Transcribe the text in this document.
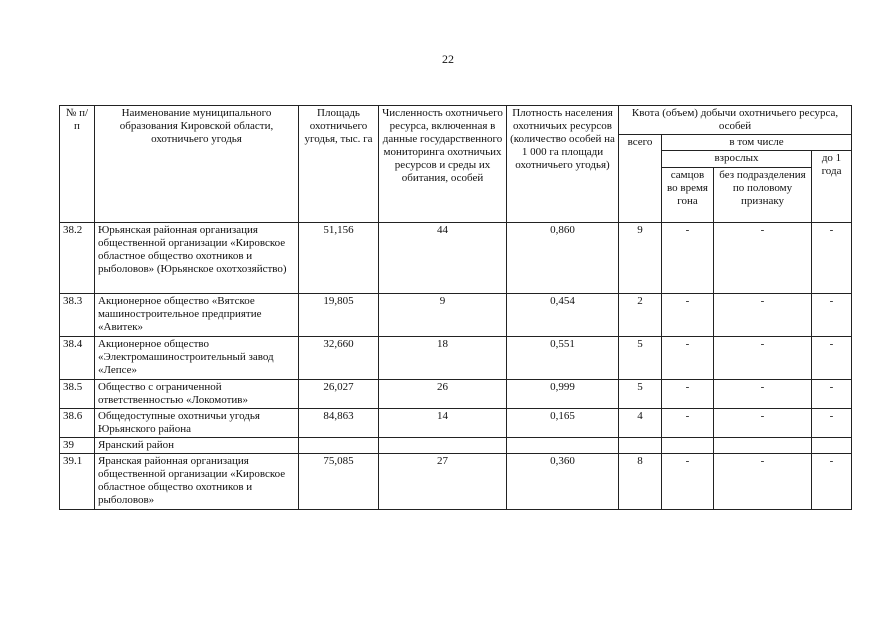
22
№ п/п	Наименование муниципального образования Кировской области, охотничьего угодья	Площадь охотничьего угодья, тыс. га	Численность охотничьего ресурса, включенная в данные государственного мониторинга охотничьих ресурсов и среды их обитания, особей	Плотность населения охотничьих ресурсов (количество особей на 1 000 га площади охотничьего угодья)	Квота (объем) добычи охотничьего ресурса, особей			
					всего	в том числе		
						взрослых		до 1 года
						самцов во время гона	без подразделения по половому признаку	
38.2	Юрьянская районная организация общественной организации «Кировское областное общество охотников и рыболовов» (Юрьянское охотхозяйство)	51,156	44	0,860	9	-	-	-
38.3	Акционерное общество «Вятское машиностроительное предприятие «Авитек»	19,805	9	0,454	2	-	-	-
38.4	Акционерное общество «Электромашиностроительный завод «Лепсе»	32,660	18	0,551	5	-	-	-
38.5	Общество с ограниченной ответственностью «Локомотив»	26,027	26	0,999	5	-	-	-
38.6	Общедоступные охотничьи угодья Юрьянского района	84,863	14	0,165	4	-	-	-
39	Яранский район							
39.1	Яранская районная организация общественной организации «Кировское областное общество охотников и рыболовов»	75,085	27	0,360	8	-	-	-
